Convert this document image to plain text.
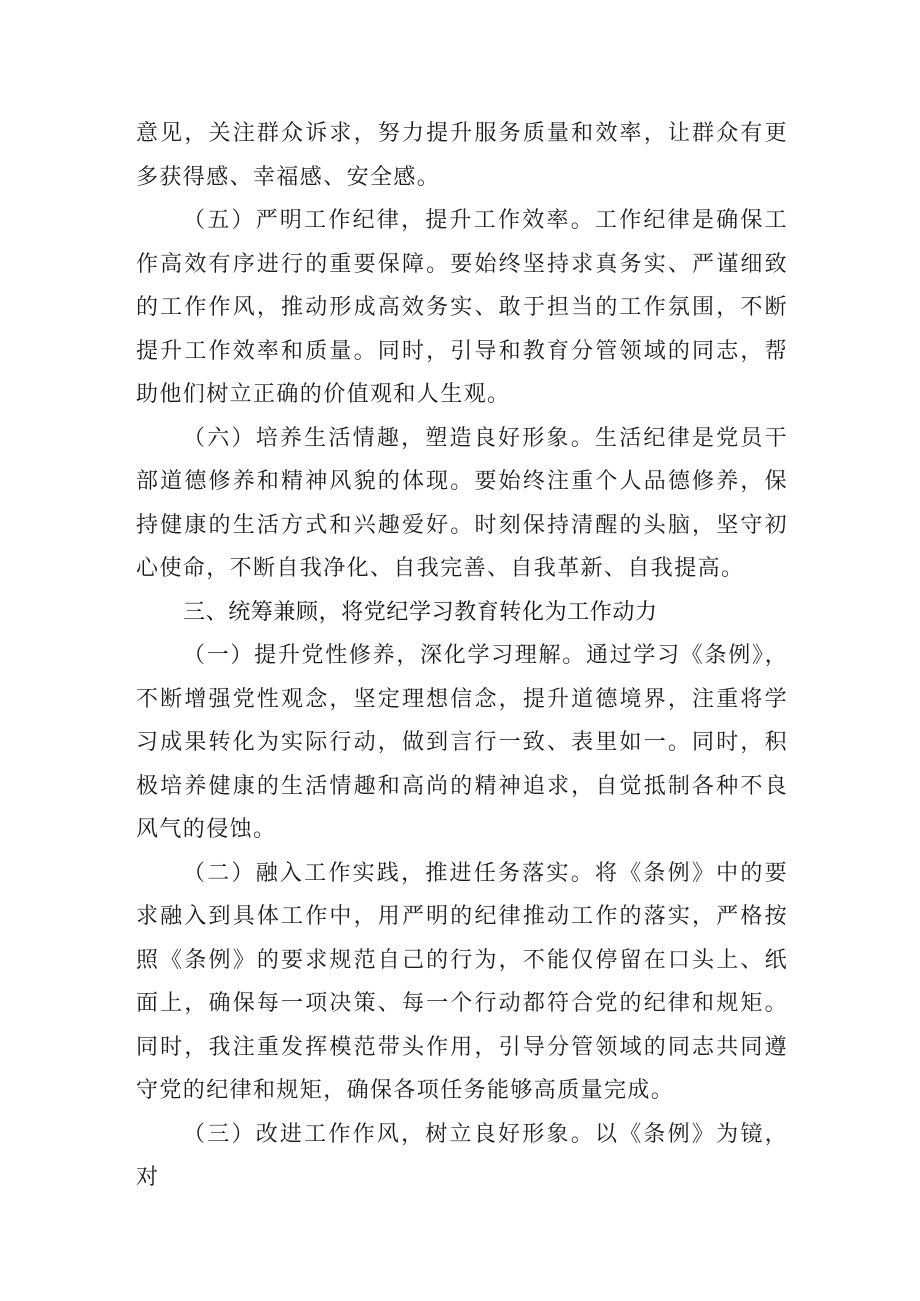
意见，关注群众诉求，努力提升服务质量和效率，让群众有更多获得感、幸福感、安全感。

（五）严明工作纪律，提升工作效率。工作纪律是确保工作高效有序进行的重要保障。要始终坚持求真务实、严谨细致的工作作风，推动形成高效务实、敢于担当的工作氛围，不断提升工作效率和质量。同时，引导和教育分管领域的同志，帮助他们树立正确的价值观和人生观。

（六）培养生活情趣，塑造良好形象。生活纪律是党员干部道德修养和精神风貌的体现。要始终注重个人品德修养，保持健康的生活方式和兴趣爱好。时刻保持清醒的头脑，坚守初心使命，不断自我净化、自我完善、自我革新、自我提高。

三、统筹兼顾，将党纪学习教育转化为工作动力

（一）提升党性修养，深化学习理解。通过学习《条例》，不断增强党性观念，坚定理想信念，提升道德境界，注重将学习成果转化为实际行动，做到言行一致、表里如一。同时，积极培养健康的生活情趣和高尚的精神追求，自觉抵制各种不良风气的侵蚀。

（二）融入工作实践，推进任务落实。将《条例》中的要求融入到具体工作中，用严明的纪律推动工作的落实，严格按照《条例》的要求规范自己的行为，不能仅停留在口头上、纸面上，确保每一项决策、每一个行动都符合党的纪律和规矩。同时，我注重发挥模范带头作用，引导分管领域的同志共同遵守党的纪律和规矩，确保各项任务能够高质量完成。

（三）改进工作作风，树立良好形象。以《条例》为镜，对
